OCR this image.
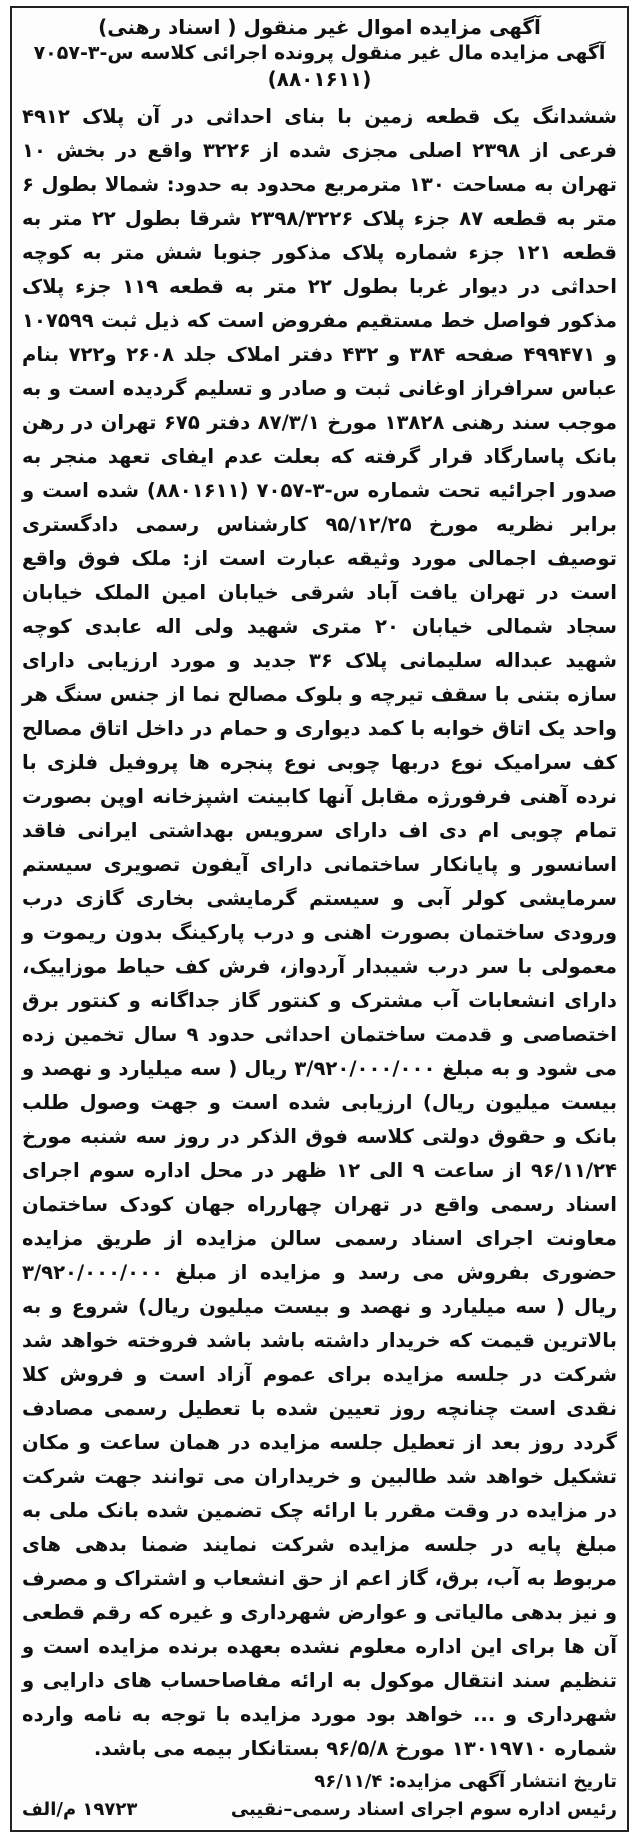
آگهی مزایده اموال غیر منقول ( اسناد رهنی)
آگهی مزایده مال غیر منقول پرونده اجرائی کلاسه س-۳-۷۰۵۷
(۸۸۰۱۶۱۱)

ششدانگ یک قطعه زمین با بنای احداثی در آن پلاک ۴۹۱۲ فرعی از ۲۳۹۸ اصلی مجزی شده از ۳۲۲۶ واقع در بخش ۱۰ تهران به مساحت ۱۳۰ مترمربع محدود به حدود: شمالا بطول ۶ متر به قطعه ۸۷ جزء پلاک ۲۳۹۸/۳۲۲۶ شرقا بطول ۲۲ متر به قطعه ۱۲۱ جزء شماره پلاک مذکور جنوبا شش متر به کوچه احداثی در دیوار غربا بطول ۲۲ متر به قطعه ۱۱۹ جزء پلاک مذکور فواصل خط مستقیم مفروض است که ذیل ثبت ۱۰۷۵۹۹ و ۴۹۹۴۷۱ صفحه ۳۸۴ و ۴۳۲ دفتر املاک جلد ۲۶۰۸ و۷۲۲ بنام عباس سرافراز اوغانی ثبت و صادر و تسلیم گردیده است و به موجب سند رهنی ۱۳۸۲۸ مورخ ۸۷/۳/۱ دفتر ۶۷۵ تهران در رهن بانک پاسارگاد قرار گرفته که بعلت عدم ایفای تعهد منجر به صدور اجرائیه تحت شماره س-۳-۷۰۵۷ (۸۸۰۱۶۱۱) شده است و برابر نظریه مورخ ۹۵/۱۲/۲۵ کارشناس رسمی دادگستری توصیف اجمالی مورد وثیقه عبارت است از: ملک فوق واقع است در تهران یافت آباد شرقی خیابان امین الملک خیابان سجاد شمالی خیابان ۲۰ متری شهید ولی اله عابدی کوچه شهید عبداله سلیمانی پلاک ۳۶ جدید و مورد ارزیابی دارای سازه بتنی با سقف تیرچه و بلوک مصالح نما از جنس سنگ هر واحد یک اتاق خوابه با کمد دیواری و حمام در داخل اتاق مصالح کف سرامیک نوع دربها چوبی نوع پنجره ها پروفیل فلزی با نرده آهنی فرفورژه مقابل آنها کابینت اشپزخانه اوپن بصورت تمام چوبی ام دی اف دارای سرویس بهداشتی ایرانی فاقد اسانسور و پایانکار ساختمانی دارای آیفون تصویری سیستم سرمایشی کولر آبی و سیستم گرمایشی بخاری گازی درب ورودی ساختمان بصورت اهنی و درب پارکینگ بدون ریموت و معمولی با سر درب شیبدار آردواز، فرش کف حیاط موزاییک، دارای انشعابات آب مشترک و کنتور گاز جداگانه و کنتور برق اختصاصی و قدمت ساختمان احداثی حدود ۹ سال تخمین زده می شود و به مبلغ ۳/۹۲۰/۰۰۰/۰۰۰ ریال ( سه میلیارد و نهصد و بیست میلیون ریال) ارزیابی شده است و جهت وصول طلب بانک و حقوق دولتی کلاسه فوق الذکر در روز سه شنبه مورخ ۹۶/۱۱/۲۴ از ساعت ۹ الی ۱۲ ظهر در محل اداره سوم اجرای اسناد رسمی واقع در تهران چهارراه جهان کودک ساختمان معاونت اجرای اسناد رسمی سالن مزایده از طریق مزایده حضوری بفروش می رسد و مزایده از مبلغ ۳/۹۲۰/۰۰۰/۰۰۰ ریال ( سه میلیارد و نهصد و بیست میلیون ریال) شروع و به بالاترین قیمت که خریدار داشته باشد باشد فروخته خواهد شد شرکت در جلسه مزایده برای عموم آزاد است و فروش کلا نقدی است چنانچه روز تعیین شده با تعطیل رسمی مصادف گردد روز بعد از تعطیل جلسه مزایده در همان ساعت و مکان تشکیل خواهد شد طالبین و خریداران می توانند جهت شرکت در مزایده در وقت مقرر با ارائه چک تضمین شده بانک ملی به مبلغ پایه در جلسه مزایده شرکت نمایند ضمنا بدهی های مربوط به آب، برق، گاز اعم از حق انشعاب و اشتراک و مصرف و نیز بدهی مالیاتی و عوارض شهرداری و غیره که رقم قطعی آن ها برای این اداره معلوم نشده بعهده برنده مزایده است و تنظیم سند انتقال موکول به ارائه مفاصاحساب های دارایی و شهرداری و ... خواهد بود مورد مزایده با توجه به نامه وارده شماره ۱۳۰۱۹۷۱۰ مورخ ۹۶/۵/۸ بستانکار بیمه می باشد.

تاریخ انتشار آگهی مزایده: ۹۶/۱۱/۴
رئیس اداره سوم اجرای اسناد رسمی–نقیبی
۱۹۷۲۳ م/الف
